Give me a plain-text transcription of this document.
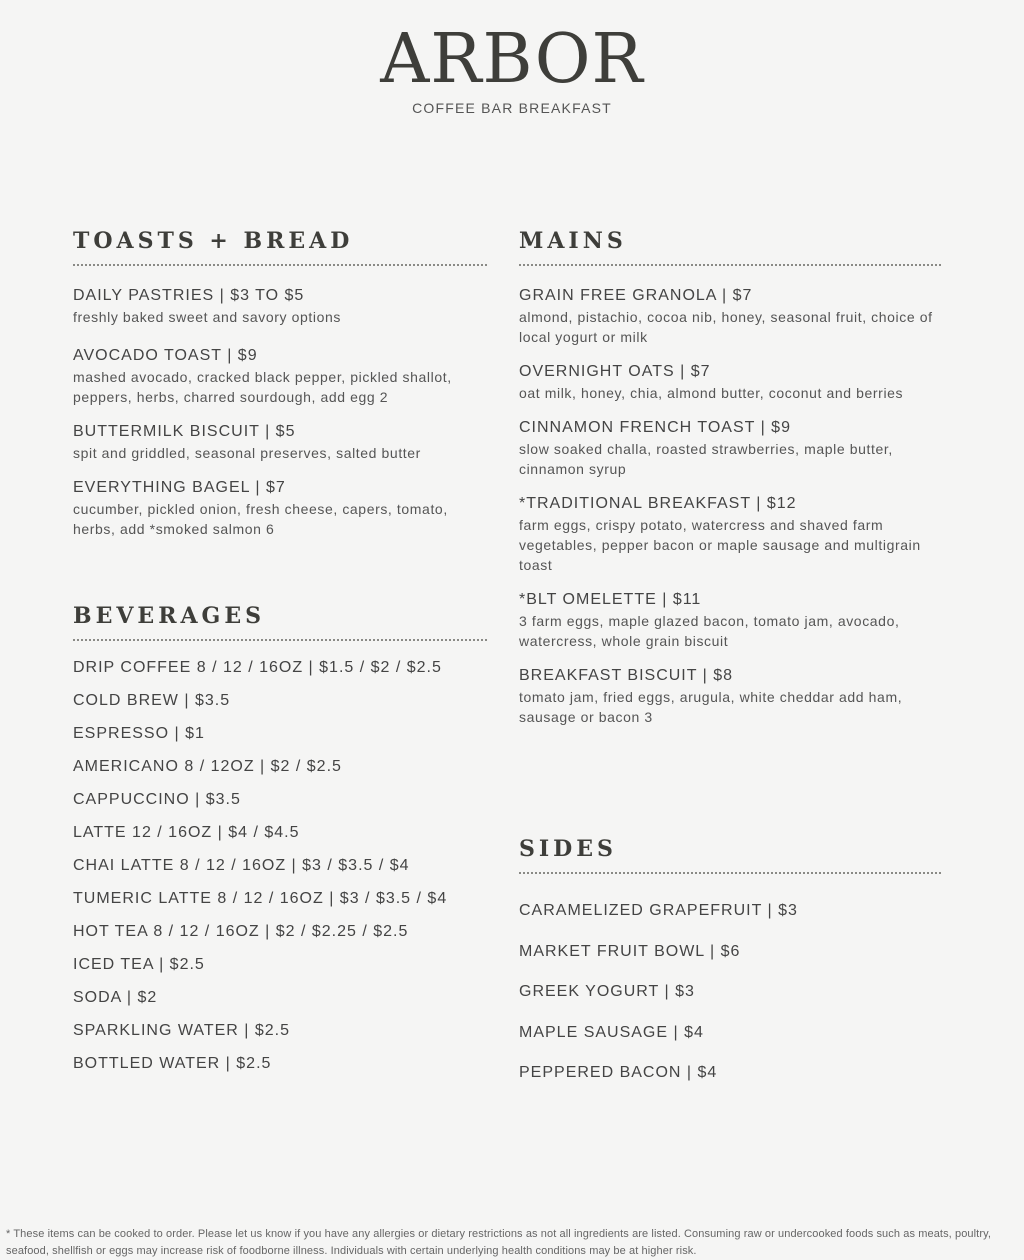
ARBOR
COFFEE BAR BREAKFAST
TOASTS + BREAD
DAILY PASTRIES | $3 TO $5
freshly baked sweet and savory options
AVOCADO TOAST | $9
mashed avocado, cracked black pepper, pickled shallot, peppers, herbs, charred sourdough, add egg 2
BUTTERMILK BISCUIT | $5
spit and griddled, seasonal preserves, salted butter
EVERYTHING BAGEL | $7
cucumber, pickled onion, fresh cheese, capers, tomato, herbs, add *smoked salmon 6
BEVERAGES
DRIP COFFEE 8 / 12 / 16OZ | $1.5 / $2 / $2.5
COLD BREW | $3.5
ESPRESSO | $1
AMERICANO 8 / 12OZ | $2 / $2.5
CAPPUCCINO | $3.5
LATTE 12 / 16OZ | $4 / $4.5
CHAI LATTE 8 / 12 / 16OZ | $3 / $3.5 / $4
TUMERIC LATTE 8 / 12 / 16OZ | $3 / $3.5 / $4
HOT TEA 8 / 12 / 16OZ | $2 / $2.25 / $2.5
ICED TEA | $2.5
SODA | $2
SPARKLING WATER | $2.5
BOTTLED WATER | $2.5
MAINS
GRAIN FREE GRANOLA | $7
almond, pistachio, cocoa nib, honey, seasonal fruit, choice of local yogurt or milk
OVERNIGHT OATS | $7
oat milk, honey, chia, almond butter, coconut and berries
CINNAMON FRENCH TOAST | $9
slow soaked challa, roasted strawberries, maple butter, cinnamon syrup
*TRADITIONAL BREAKFAST | $12
farm eggs, crispy potato, watercress and shaved farm vegetables, pepper bacon or maple sausage and multigrain toast
*BLT OMELETTE | $11
3 farm eggs, maple glazed bacon, tomato jam, avocado, watercress, whole grain biscuit
BREAKFAST BISCUIT | $8
tomato jam, fried eggs, arugula, white cheddar add ham, sausage or bacon 3
SIDES
CARAMELIZED GRAPEFRUIT | $3
MARKET FRUIT BOWL | $6
GREEK YOGURT | $3
MAPLE SAUSAGE | $4
PEPPERED BACON | $4
* These items can be cooked to order. Please let us know if you have any allergies or dietary restrictions as not all ingredients are listed. Consuming raw or undercooked foods such as meats, poultry, seafood, shellfish or eggs may increase risk of foodborne illness. Individuals with certain underlying health conditions may be at higher risk.
